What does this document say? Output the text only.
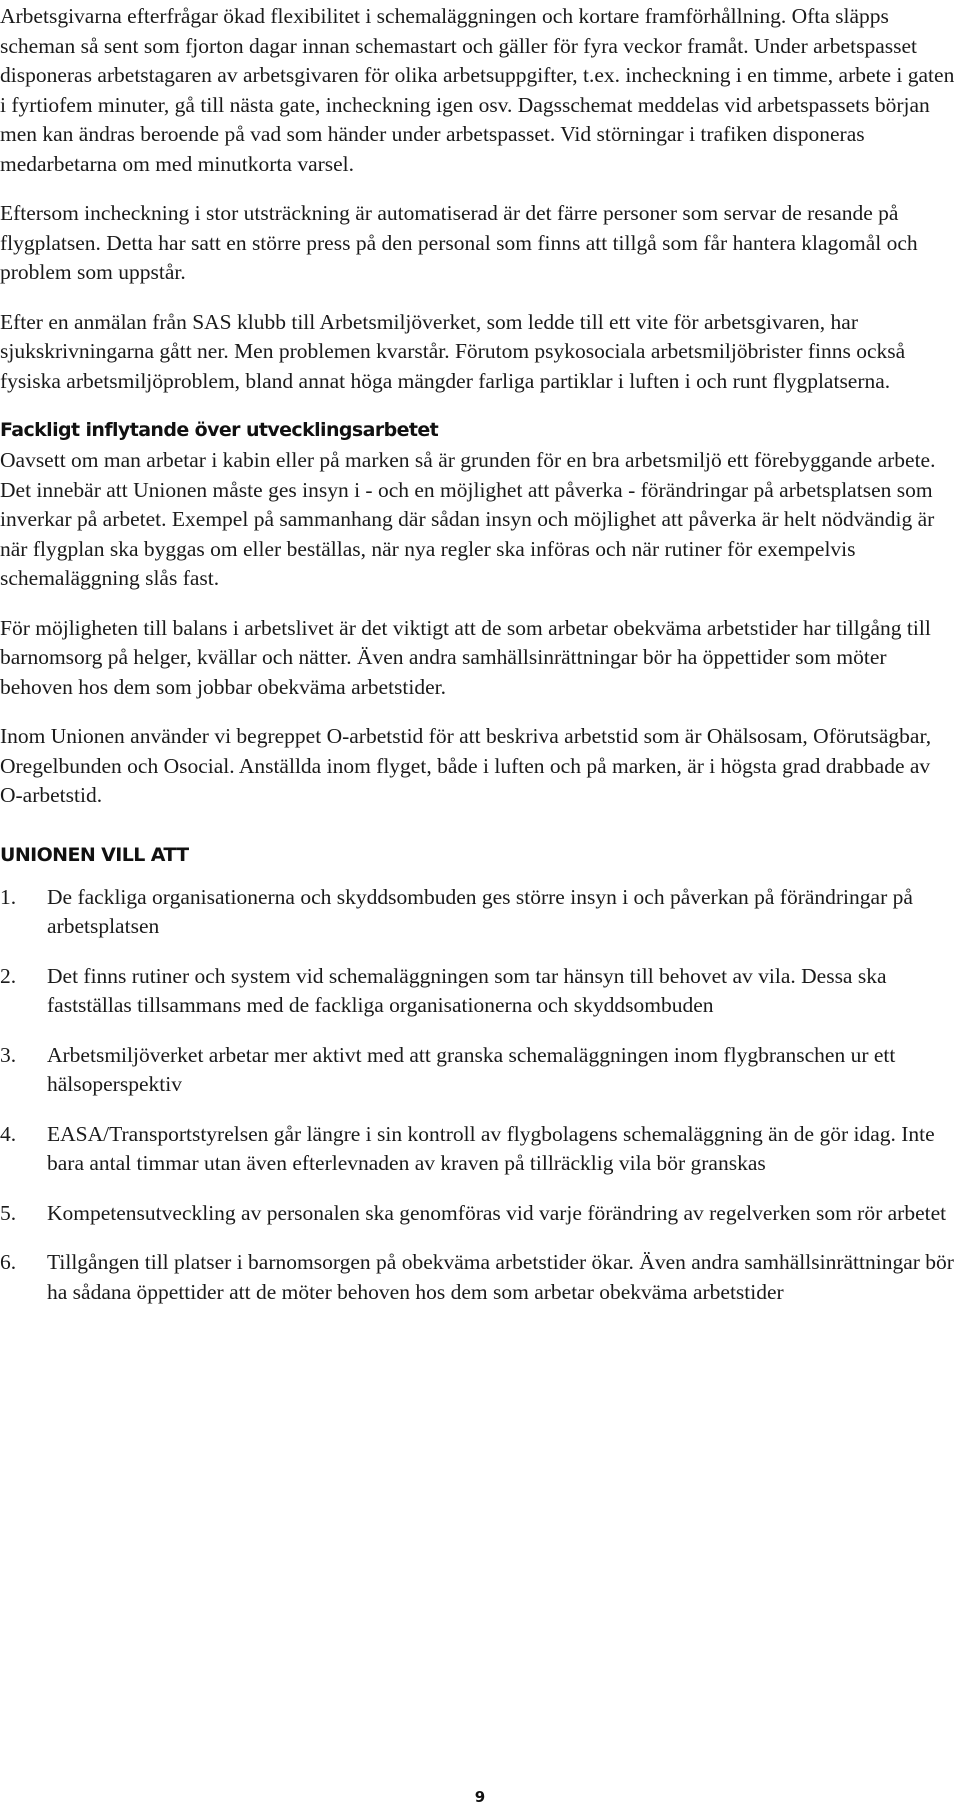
Arbetsgivarna efterfrågar ökad flexibilitet i schemaläggningen och kortare framförhållning. Ofta släpps scheman så sent som fjorton dagar innan schemastart och gäller för fyra veckor framåt. Under arbetspasset disponeras arbetstagaren av arbetsgivaren för olika arbetsuppgifter, t.ex. incheckning i en timme, arbete i gaten i fyrtiofem minuter, gå till nästa gate, incheckning igen osv. Dagsschemat meddelas vid arbetspassets början men kan ändras beroende på vad som händer under arbetspasset. Vid störningar i trafiken disponeras medarbetarna om med minutkorta varsel.

Eftersom incheckning i stor utsträckning är automatiserad är det färre personer som servar de resande på flygplatsen. Detta har satt en större press på den personal som finns att tillgå som får hantera klagomål och problem som uppstår.

Efter en anmälan från SAS klubb till Arbetsmiljöverket, som ledde till ett vite för arbetsgivaren, har sjukskrivningarna gått ner. Men problemen kvarstår. Förutom psykosociala arbetsmiljöbrister finns också fysiska arbetsmiljöproblem, bland annat höga mängder farliga partiklar i luften i och runt flygplatserna.

Fackligt inflytande över utvecklingsarbetet

Oavsett om man arbetar i kabin eller på marken så är grunden för en bra arbetsmiljö ett förebyggande arbete. Det innebär att Unionen måste ges insyn i - och en möjlighet att påverka - förändringar på arbetsplatsen som inverkar på arbetet. Exempel på sammanhang där sådan insyn och möjlighet att påverka är helt nödvändig är när flygplan ska byggas om eller beställas, när nya regler ska införas och när rutiner för exempelvis schemaläggning slås fast.

För möjligheten till balans i arbetslivet är det viktigt att de som arbetar obekväma arbetstider har tillgång till barnomsorg på helger, kvällar och nätter. Även andra samhällsinrättningar bör ha öppettider som möter behoven hos dem som jobbar obekväma arbetstider.

Inom Unionen använder vi begreppet O-arbetstid för att beskriva arbetstid som är Ohälsosam, Oförutsägbar, Oregelbunden och Osocial. Anställda inom flyget, både i luften och på marken, är i högsta grad drabbade av O-arbetstid.

UNIONEN VILL ATT
1. De fackliga organisationerna och skyddsombuden ges större insyn i och påverkan på förändringar på arbetsplatsen
2. Det finns rutiner och system vid schemaläggningen som tar hänsyn till behovet av vila. Dessa ska fastställas tillsammans med de fackliga organisationerna och skyddsombuden
3. Arbetsmiljöverket arbetar mer aktivt med att granska schemaläggningen inom flygbranschen ur ett hälsoperspektiv
4. EASA/Transportstyrelsen går längre i sin kontroll av flygbolagens schemaläggning än de gör idag. Inte bara antal timmar utan även efterlevnaden av kraven på tillräcklig vila bör granskas
5. Kompetensutveckling av personalen ska genomföras vid varje förändring av regelverken som rör arbetet
6. Tillgången till platser i barnomsorgen på obekväma arbetstider ökar. Även andra samhällsinrättningar bör ha sådana öppettider att de möter behoven hos dem som arbetar obekväma arbetstider
9
